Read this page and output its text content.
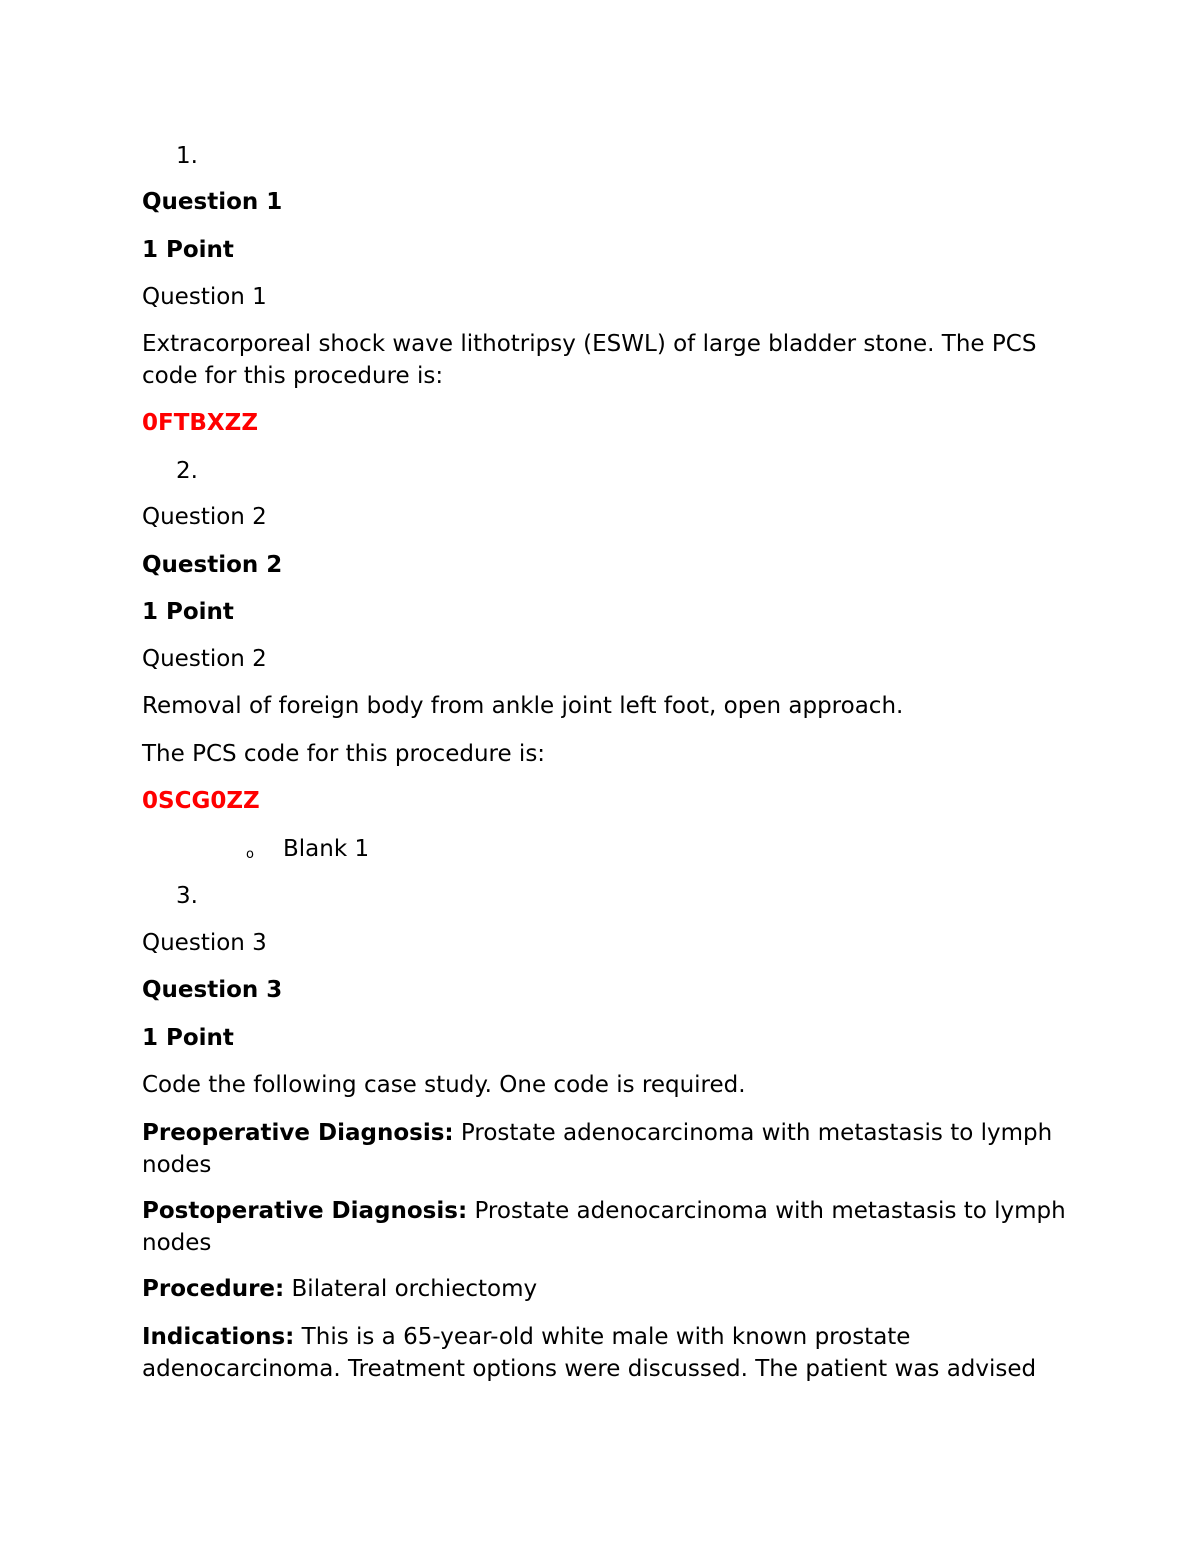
1.
Question 1
1 Point
Question 1
Extracorporeal shock wave lithotripsy (ESWL) of large bladder stone. The PCS code for this procedure is:
0FTBXZZ
2.
Question 2
Question 2
1 Point
Question 2
Removal of foreign body from ankle joint left foot, open approach.
The PCS code for this procedure is:
0SCG0ZZ
o Blank 1
3.
Question 3
Question 3
1 Point
Code the following case study. One code is required.
Preoperative Diagnosis: Prostate adenocarcinoma with metastasis to lymph nodes
Postoperative Diagnosis: Prostate adenocarcinoma with metastasis to lymph nodes
Procedure: Bilateral orchiectomy
Indications: This is a 65-year-old white male with known prostate adenocarcinoma. Treatment options were discussed. The patient was advised
